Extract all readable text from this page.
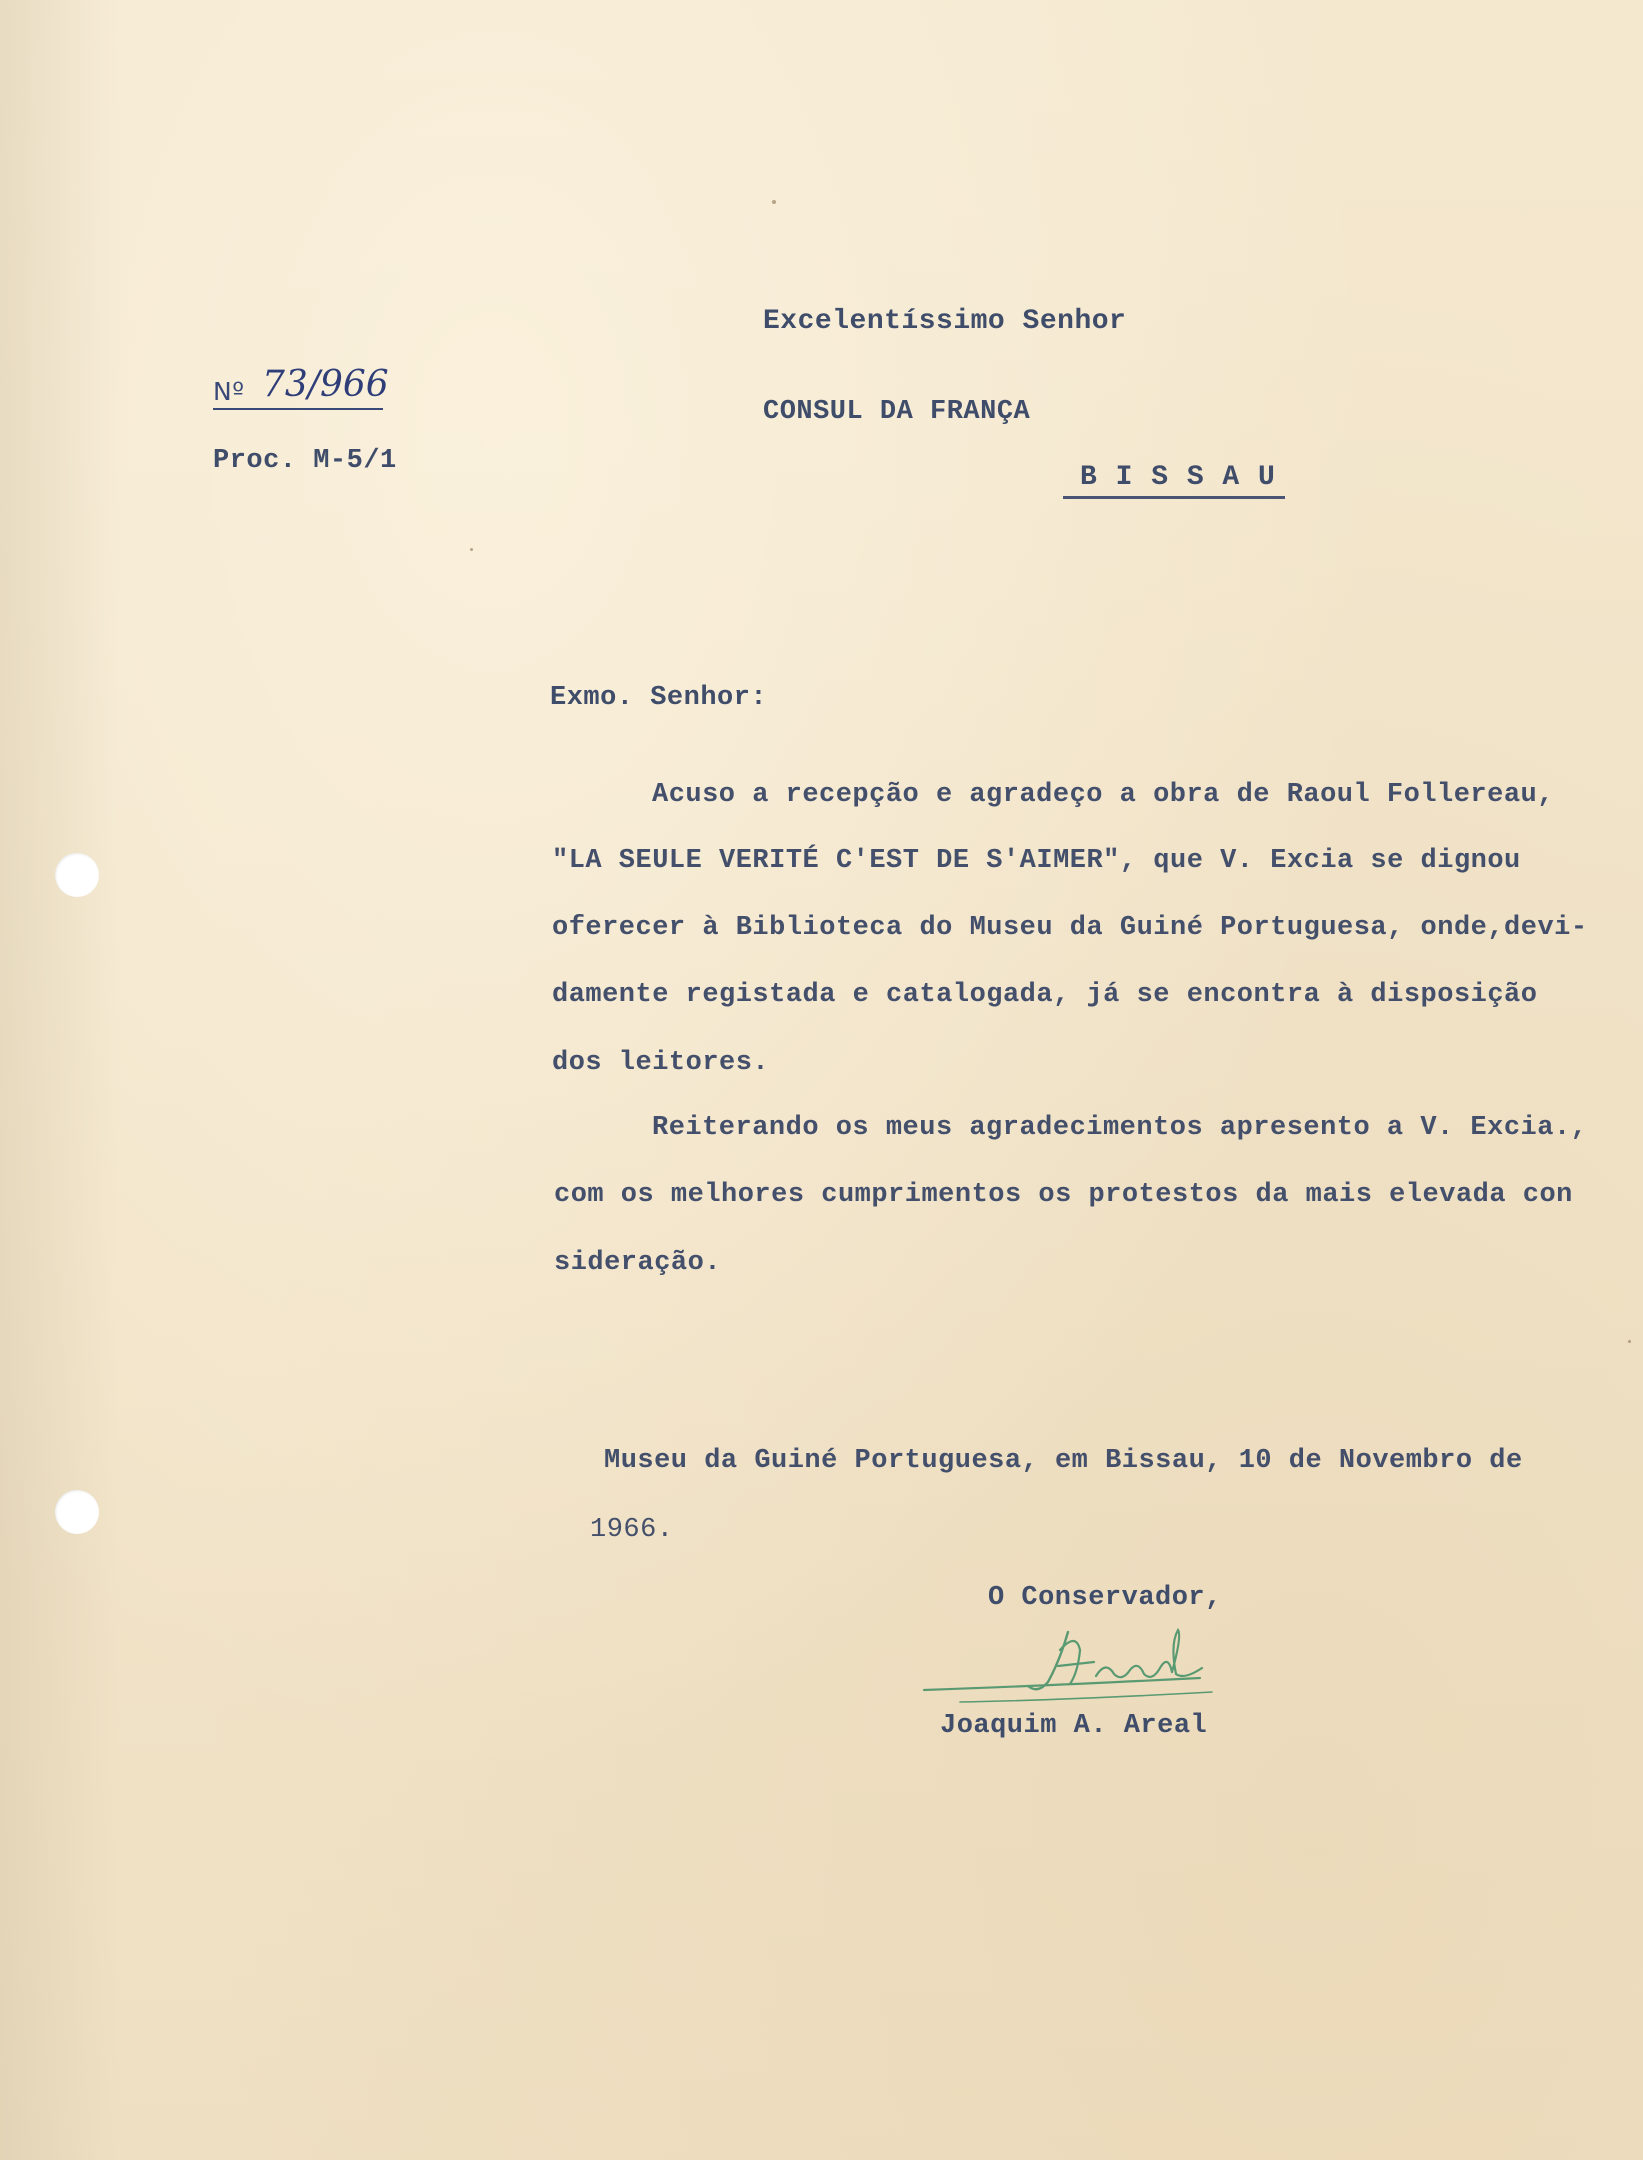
Nº 73/966

Proc. M-5/1

Excelentíssimo Senhor

CONSUL DA FRANÇA

B I S S A U

Exmo. Senhor:

Acuso a recepção e agradeço a obra de Raoul Follereau,

"LA SEULE VERITÉ C'EST DE S'AIMER", que V. Excia se dignou

oferecer à Biblioteca do Museu da Guiné Portuguesa, onde,devi-

damente registada e catalogada, já se encontra à disposição

dos leitores.

Reiterando os meus agradecimentos apresento a V. Excia.,

com os melhores cumprimentos os protestos da mais elevada con

sideração.

Museu da Guiné Portuguesa, em Bissau, 10 de Novembro de

1966.

O Conservador,

Joaquim A. Areal
